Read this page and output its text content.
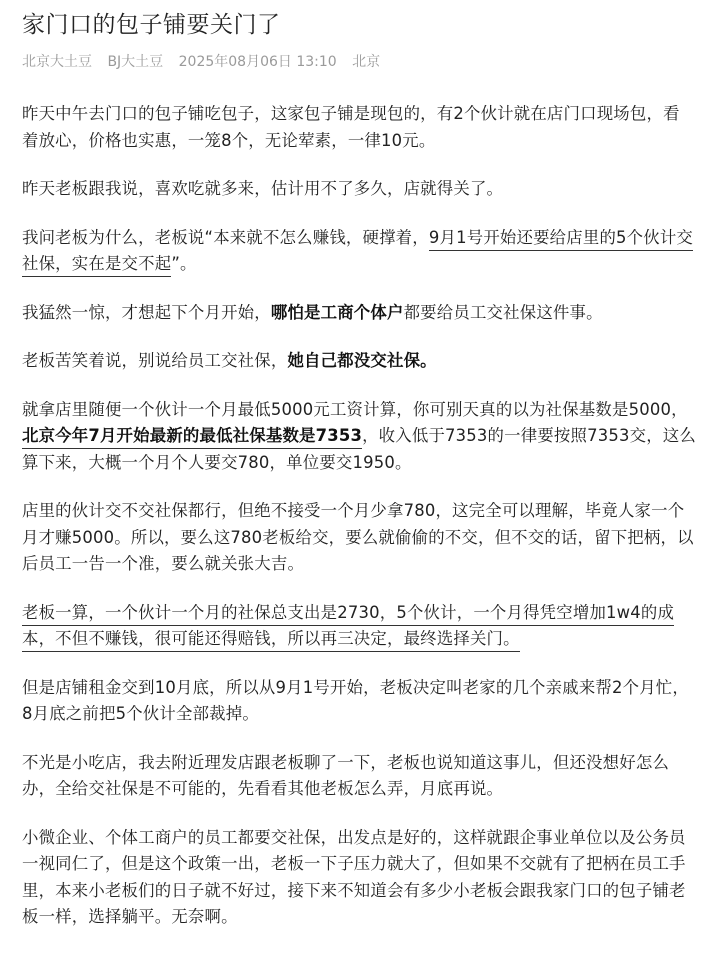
家门口的包子铺要关门了
北京大土豆 BJ大土豆 2025年08月06日 13:10 北京

昨天中午去门口的包子铺吃包子，这家包子铺是现包的，有2个伙计就在店门口现场包，看着放心，价格也实惠，一笼8个，无论荤素，一律10元。

昨天老板跟我说，喜欢吃就多来，估计用不了多久，店就得关了。

我问老板为什么，老板说“本来就不怎么赚钱，硬撑着，9月1号开始还要给店里的5个伙计交社保，实在是交不起”。

我猛然一惊，才想起下个月开始，哪怕是工商个体户都要给员工交社保这件事。

老板苦笑着说，别说给员工交社保，她自己都没交社保。

就拿店里随便一个伙计一个月最低5000元工资计算，你可别天真的以为社保基数是5000，北京今年7月开始最新的最低社保基数是7353，收入低于7353的一律要按照7353交，这么算下来，大概一个月个人要交780，单位要交1950。

店里的伙计交不交社保都行，但绝不接受一个月少拿780，这完全可以理解，毕竟人家一个月才赚5000。所以，要么这780老板给交，要么就偷偷的不交，但不交的话，留下把柄，以后员工一告一个准，要么就关张大吉。

老板一算，一个伙计一个月的社保总支出是2730，5个伙计，一个月得凭空增加1w4的成本，不但不赚钱，很可能还得赔钱，所以再三决定，最终选择关门。

但是店铺租金交到10月底，所以从9月1号开始，老板决定叫老家的几个亲戚来帮2个月忙，8月底之前把5个伙计全部裁掉。

不光是小吃店，我去附近理发店跟老板聊了一下，老板也说知道这事儿，但还没想好怎么办，全给交社保是不可能的，先看看其他老板怎么弄，月底再说。

小微企业、个体工商户的员工都要交社保，出发点是好的，这样就跟企事业单位以及公务员一视同仁了，但是这个政策一出，老板一下子压力就大了，但如果不交就有了把柄在员工手里，本来小老板们的日子就不好过，接下来不知道会有多少小老板会跟我家门口的包子铺老板一样，选择躺平。无奈啊。
